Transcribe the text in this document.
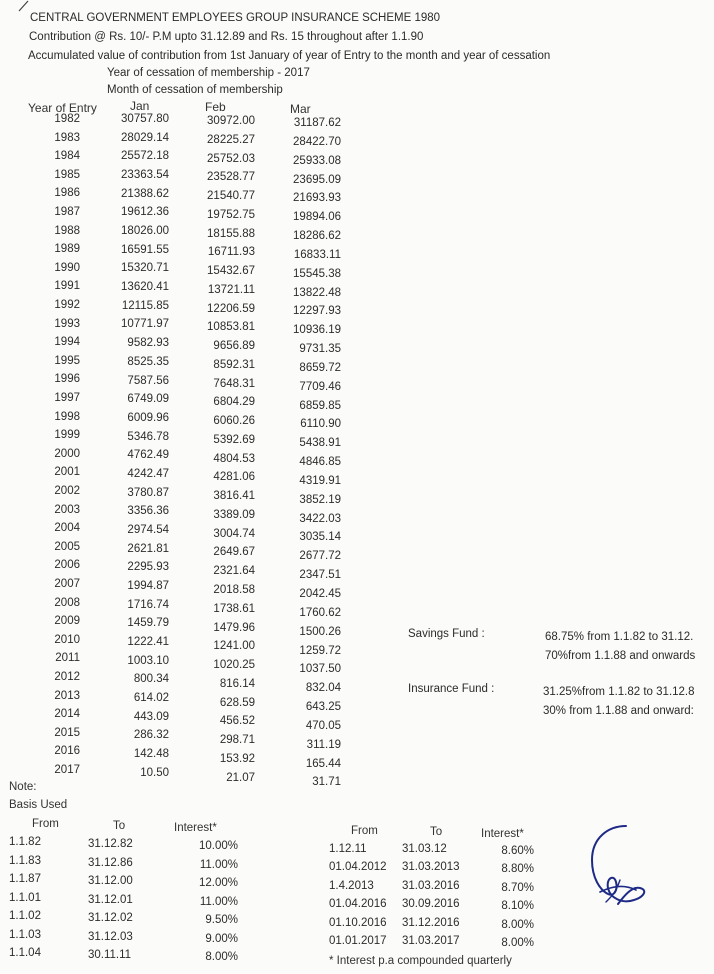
CENTRAL GOVERNMENT EMPLOYEES GROUP INSURANCE SCHEME 1980
Contribution @ Rs. 10/- P.M upto 31.12.89 and Rs. 15 throughout after 1.1.90
Accumulated value of contribution from 1st January of year of Entry to the month and year of cessation
Year of cessation of membership - 2017
Month of cessation of membership
Year of Entry	Jan	Feb	Mar
1982	30757.80	30972.00	31187.62
1983	28029.14	28225.27	28422.70
1984	25572.18	25752.03	25933.08
1985	23363.54	23528.77	23695.09
1986	21388.62	21540.77	21693.93
1987	19612.36	19752.75	19894.06
1988	18026.00	18155.88	18286.62
1989	16591.55	16711.93	16833.11
1990	15320.71	15432.67	15545.38
1991	13620.41	13721.11	13822.48
1992	12115.85	12206.59	12297.93
1993	10771.97	10853.81	10936.19
1994	9582.93	9656.89	9731.35
1995	8525.35	8592.31	8659.72
1996	7587.56	7648.31	7709.46
1997	6749.09	6804.29	6859.85
1998	6009.96	6060.26	6110.90
1999	5346.78	5392.69	5438.91
2000	4762.49	4804.53	4846.85
2001	4242.47	4281.06	4319.91
2002	3780.87	3816.41	3852.19
2003	3356.36	3389.09	3422.03
2004	2974.54	3004.74	3035.14
2005	2621.81	2649.67	2677.72
2006	2295.93	2321.64	2347.51
2007	1994.87	2018.58	2042.45
2008	1716.74	1738.61	1760.62
2009	1459.79	1479.96	1500.26
2010	1222.41	1241.00	1259.72
2011	1003.10	1020.25	1037.50
2012	800.34	816.14	832.04
2013	614.02	628.59	643.25
2014	443.09	456.52	470.05
2015	286.32	298.71	311.19
2016	142.48	153.92	165.44
2017	10.50	21.07	31.71
Savings Fund :	68.75% from 1.1.82 to 31.12.
70%from 1.1.88 and onwards
Insurance Fund :	31.25%from 1.1.82 to 31.12.8
30% from 1.1.88 and onward:
Note:
Basis Used
From	To	Interest*
1.1.82	31.12.82	10.00%
1.1.83	31.12.86	11.00%
1.1.87	31.12.00	12.00%
1.1.01	31.12.01	11.00%
1.1.02	31.12.02	9.50%
1.1.03	31.12.03	9.00%
1.1.04	30.11.11	8.00%
From	To	Interest*
1.12.11	31.03.12	8.60%
01.04.2012	31.03.2013	8.80%
1.4.2013	31.03.2016	8.70%
01.04.2016	30.09.2016	8.10%
01.10.2016	31.12.2016	8.00%
01.01.2017	31.03.2017	8.00%
* Interest p.a compounded quarterly
